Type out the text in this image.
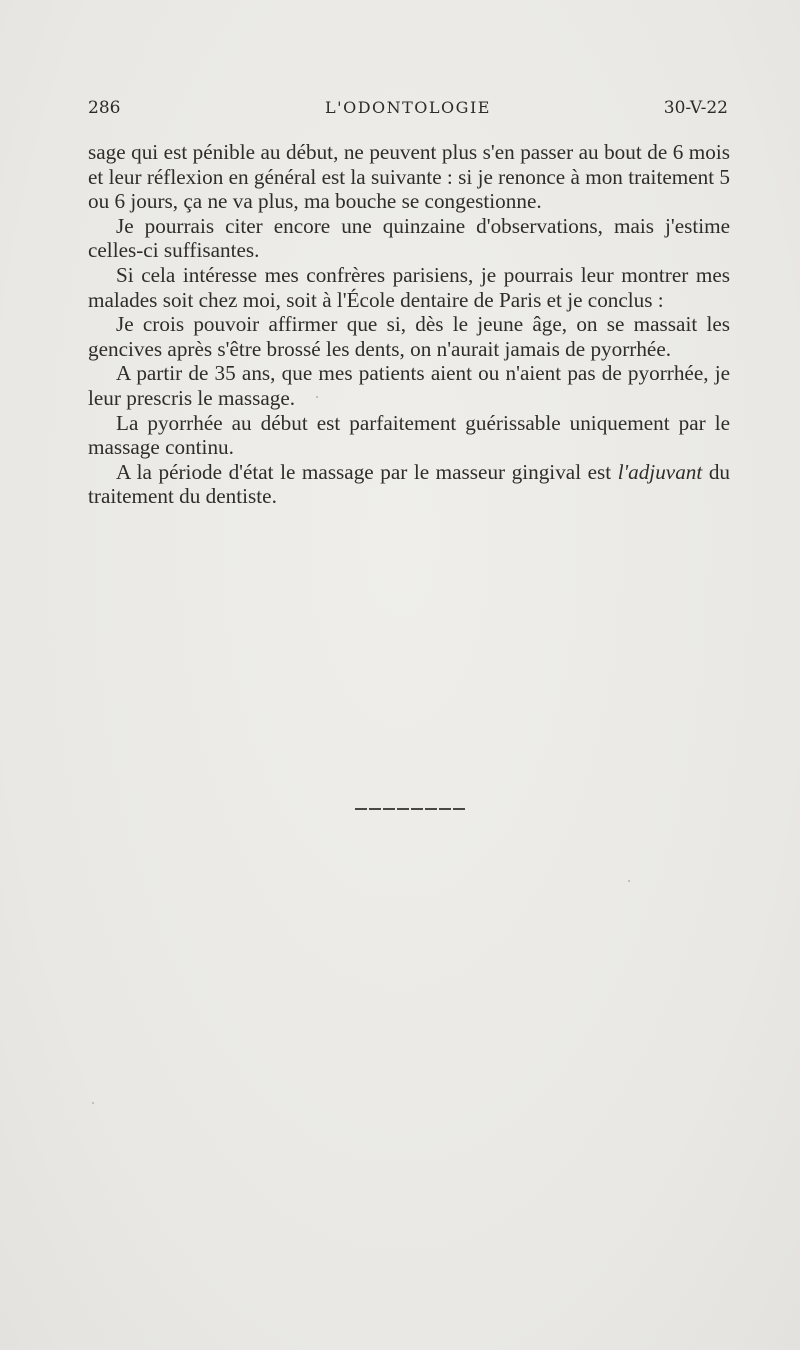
286	L'ODONTOLOGIE	30-V-22

sage qui est pénible au début, ne peuvent plus s'en passer au bout de 6 mois et leur réflexion en général est la suivante : si je renonce à mon traitement 5 ou 6 jours, ça ne va plus, ma bouche se congestionne.

Je pourrais citer encore une quinzaine d'observations, mais j'estime celles-ci suffisantes.

Si cela intéresse mes confrères parisiens, je pourrais leur montrer mes malades soit chez moi, soit à l'École dentaire de Paris et je conclus :

Je crois pouvoir affirmer que si, dès le jeune âge, on se massait les gencives après s'être brossé les dents, on n'aurait jamais de pyorrhée.

A partir de 35 ans, que mes patients aient ou n'aient pas de pyorrhée, je leur prescris le massage.

La pyorrhée au début est parfaitement guérissable uniquement par le massage continu.

A la période d'état le massage par le masseur gingival est l'adjuvant du traitement du dentiste.
